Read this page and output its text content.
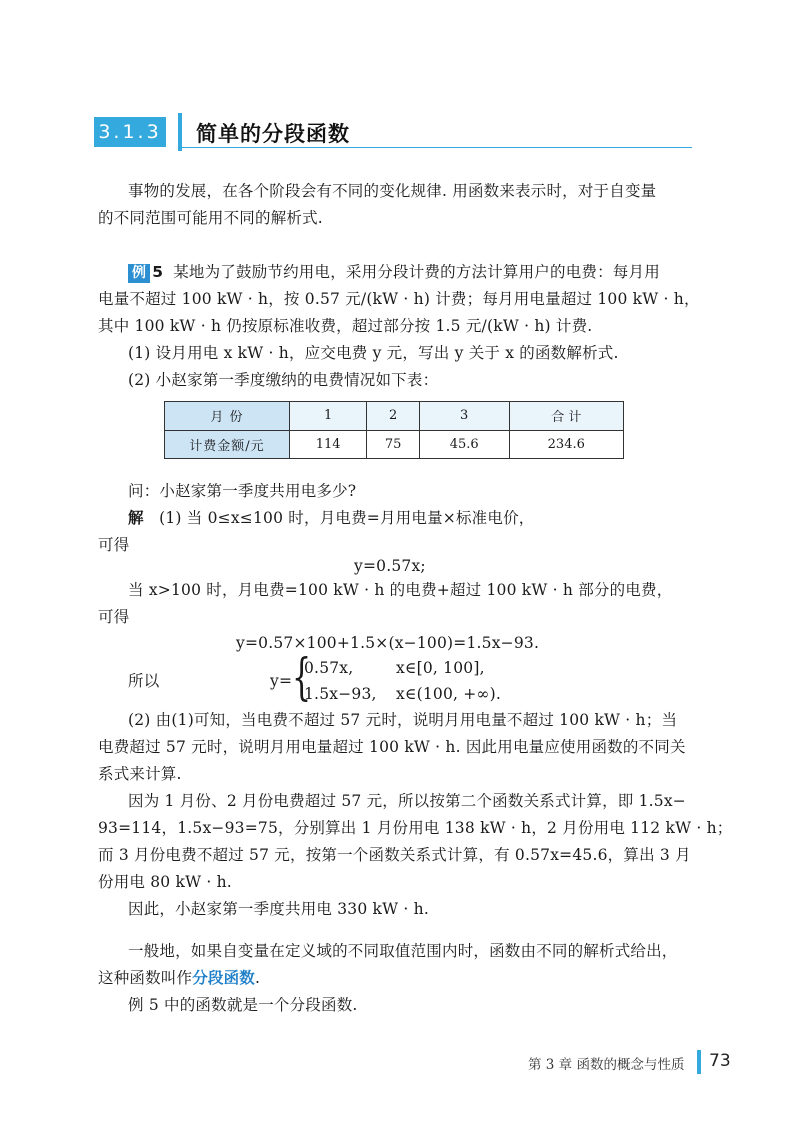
3.1.3 简单的分段函数
事物的发展，在各个阶段会有不同的变化规律. 用函数来表示时，对于自变量
的不同范围可能用不同的解析式.
例 5 某地为了鼓励节约用电，采用分段计费的方法计算用户的电费：每月用
电量不超过 100 kW · h，按 0.57 元/(kW · h) 计费；每月用电量超过 100 kW · h，
其中 100 kW · h 仍按原标准收费，超过部分按 1.5 元/(kW · h) 计费.
(1) 设月用电 x kW · h，应交电费 y 元，写出 y 关于 x 的函数解析式.
(2) 小赵家第一季度缴纳的电费情况如下表：
月 份	1	2	3	合 计
计费金额/元	114	75	45.6	234.6
问：小赵家第一季度共用电多少?
解 (1) 当 0≤x≤100 时，月电费=月用电量×标准电价，
可得
y=0.57x;
当 x>100 时，月电费=100 kW · h 的电费+超过 100 kW · h 部分的电费，
可得
y=0.57×100+1.5×(x−100)=1.5x−93.
所以	y= {
0.57x,	x∈[0, 100],
1.5x−93, x∈(100, +∞).
(2) 由(1)可知，当电费不超过 57 元时，说明月用电量不超过 100 kW · h；当
电费超过 57 元时，说明月用电量超过 100 kW · h. 因此用电量应使用函数的不同关
系式来计算.
因为 1 月份、2 月份电费超过 57 元，所以按第二个函数关系式计算，即 1.5x−
93=114，1.5x−93=75，分别算出 1 月份用电 138 kW · h，2 月份用电 112 kW · h；
而 3 月份电费不超过 57 元，按第一个函数关系式计算，有 0.57x=45.6，算出 3 月
份用电 80 kW · h.
因此，小赵家第一季度共用电 330 kW · h.
一般地，如果自变量在定义域的不同取值范围内时，函数由不同的解析式给出，
这种函数叫作分段函数.
例 5 中的函数就是一个分段函数.
第 3 章 函数的概念与性质 73
